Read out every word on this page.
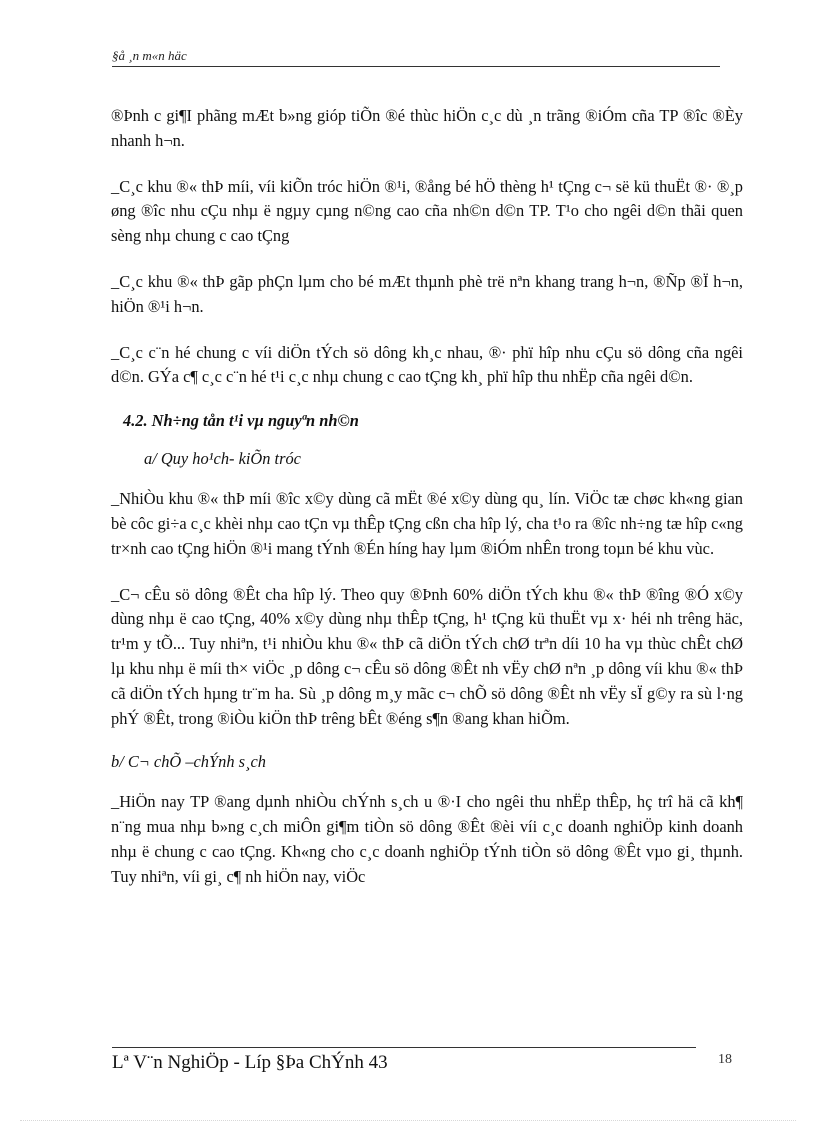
§å ¸n m«n häc

®Þnh c gi¶I phãng mÆt b»ng gióp tiÕn ®é thùc hiÖn c¸c dù ¸n trãng ®iÓm cña TP ®îc ®Èy nhanh h¬n.

_C¸c khu ®« thÞ míi, víi kiÕn tróc hiÖn ®¹i, ®ång bé hÖ thèng h¹ tÇng c¬ së kü thuËt ®· ®¸p øng ®îc nhu cÇu nhµ ë ngµy cµng n©ng cao cña nh©n d©n TP. T¹o cho ngêi d©n thãi quen sèng nhµ chung c cao tÇng

_C¸c khu ®« thÞ gãp phÇn lµm cho bé mÆt thµnh phè trë nªn khang trang h¬n, ®Ñp ®Ï h¬n, hiÖn ®¹i h¬n.

_C¸c c¨n hé chung c víi diÖn tÝch sö dông kh¸c nhau, ®· phï hîp nhu cÇu sö dông cña ngêi d©n. GÝa c¶ c¸c c¨n hé t¹i c¸c nhµ chung c cao tÇng kh¸ phï hîp thu nhËp cña ngêi d©n.

4.2. Nh÷ng tån t¹i vµ nguyªn nh©n
a/ Quy ho¹ch- kiÕn tróc

_NhiÒu khu ®« thÞ míi ®îc x©y dùng cã mËt ®é x©y dùng qu¸ lín. ViÖc tæ chøc kh«ng gian bè côc gi÷a c¸c khèi nhµ cao tÇn vµ thÊp tÇng cßn cha hîp lý, cha t¹o ra ®îc nh÷ng tæ hîp c«ng tr×nh cao tÇng hiÖn ®¹i mang tÝnh ®Én híng hay lµm ®iÓm nhÊn trong toµn bé khu vùc.

_C¬ cÊu sö dông ®Êt cha hîp lý. Theo quy ®Þnh 60% diÖn tÝch khu ®« thÞ ®îng ®Ó x©y dùng nhµ ë cao tÇng, 40% x©y dùng nhµ thÊp tÇng, h¹ tÇng kü thuËt vµ x· héi nh trêng häc, tr¹m y tÕ... Tuy nhiªn, t¹i nhiÒu khu ®« thÞ cã diÖn tÝch chØ trªn díi 10 ha vµ thùc chÊt chØ lµ khu nhµ ë míi th× viÖc ¸p dông c¬ cÊu sö dông ®Êt nh vËy chØ nªn ¸p dông víi khu ®« thÞ cã diÖn tÝch hµng tr¨m ha. Sù ¸p dông m¸y mãc c¬ chÕ sö dông ®Êt nh vËy sÏ g©y ra sù l·ng phÝ ®Êt, trong ®iÒu kiÖn thÞ trêng bÊt ®éng s¶n ®ang khan hiÕm.

b/ C¬ chÕ –chÝnh s¸ch

_HiÖn nay TP ®ang dµnh nhiÒu chÝnh s¸ch u ®·I cho ngêi thu nhËp thÊp, hç trî hä cã kh¶ n¨ng mua nhµ b»ng c¸ch miÔn gi¶m tiÒn sö dông ®Êt ®èi víi c¸c doanh nghiÖp kinh doanh nhµ ë chung c cao tÇng. Kh«ng cho c¸c doanh nghiÖp tÝnh tiÒn sö dông ®Êt vµo gi¸ thµnh. Tuy nhiªn, víi gi¸ c¶ nh hiÖn nay, viÖc

Lª V¨n NghiÖp - Líp §Þa ChÝnh 43	18
